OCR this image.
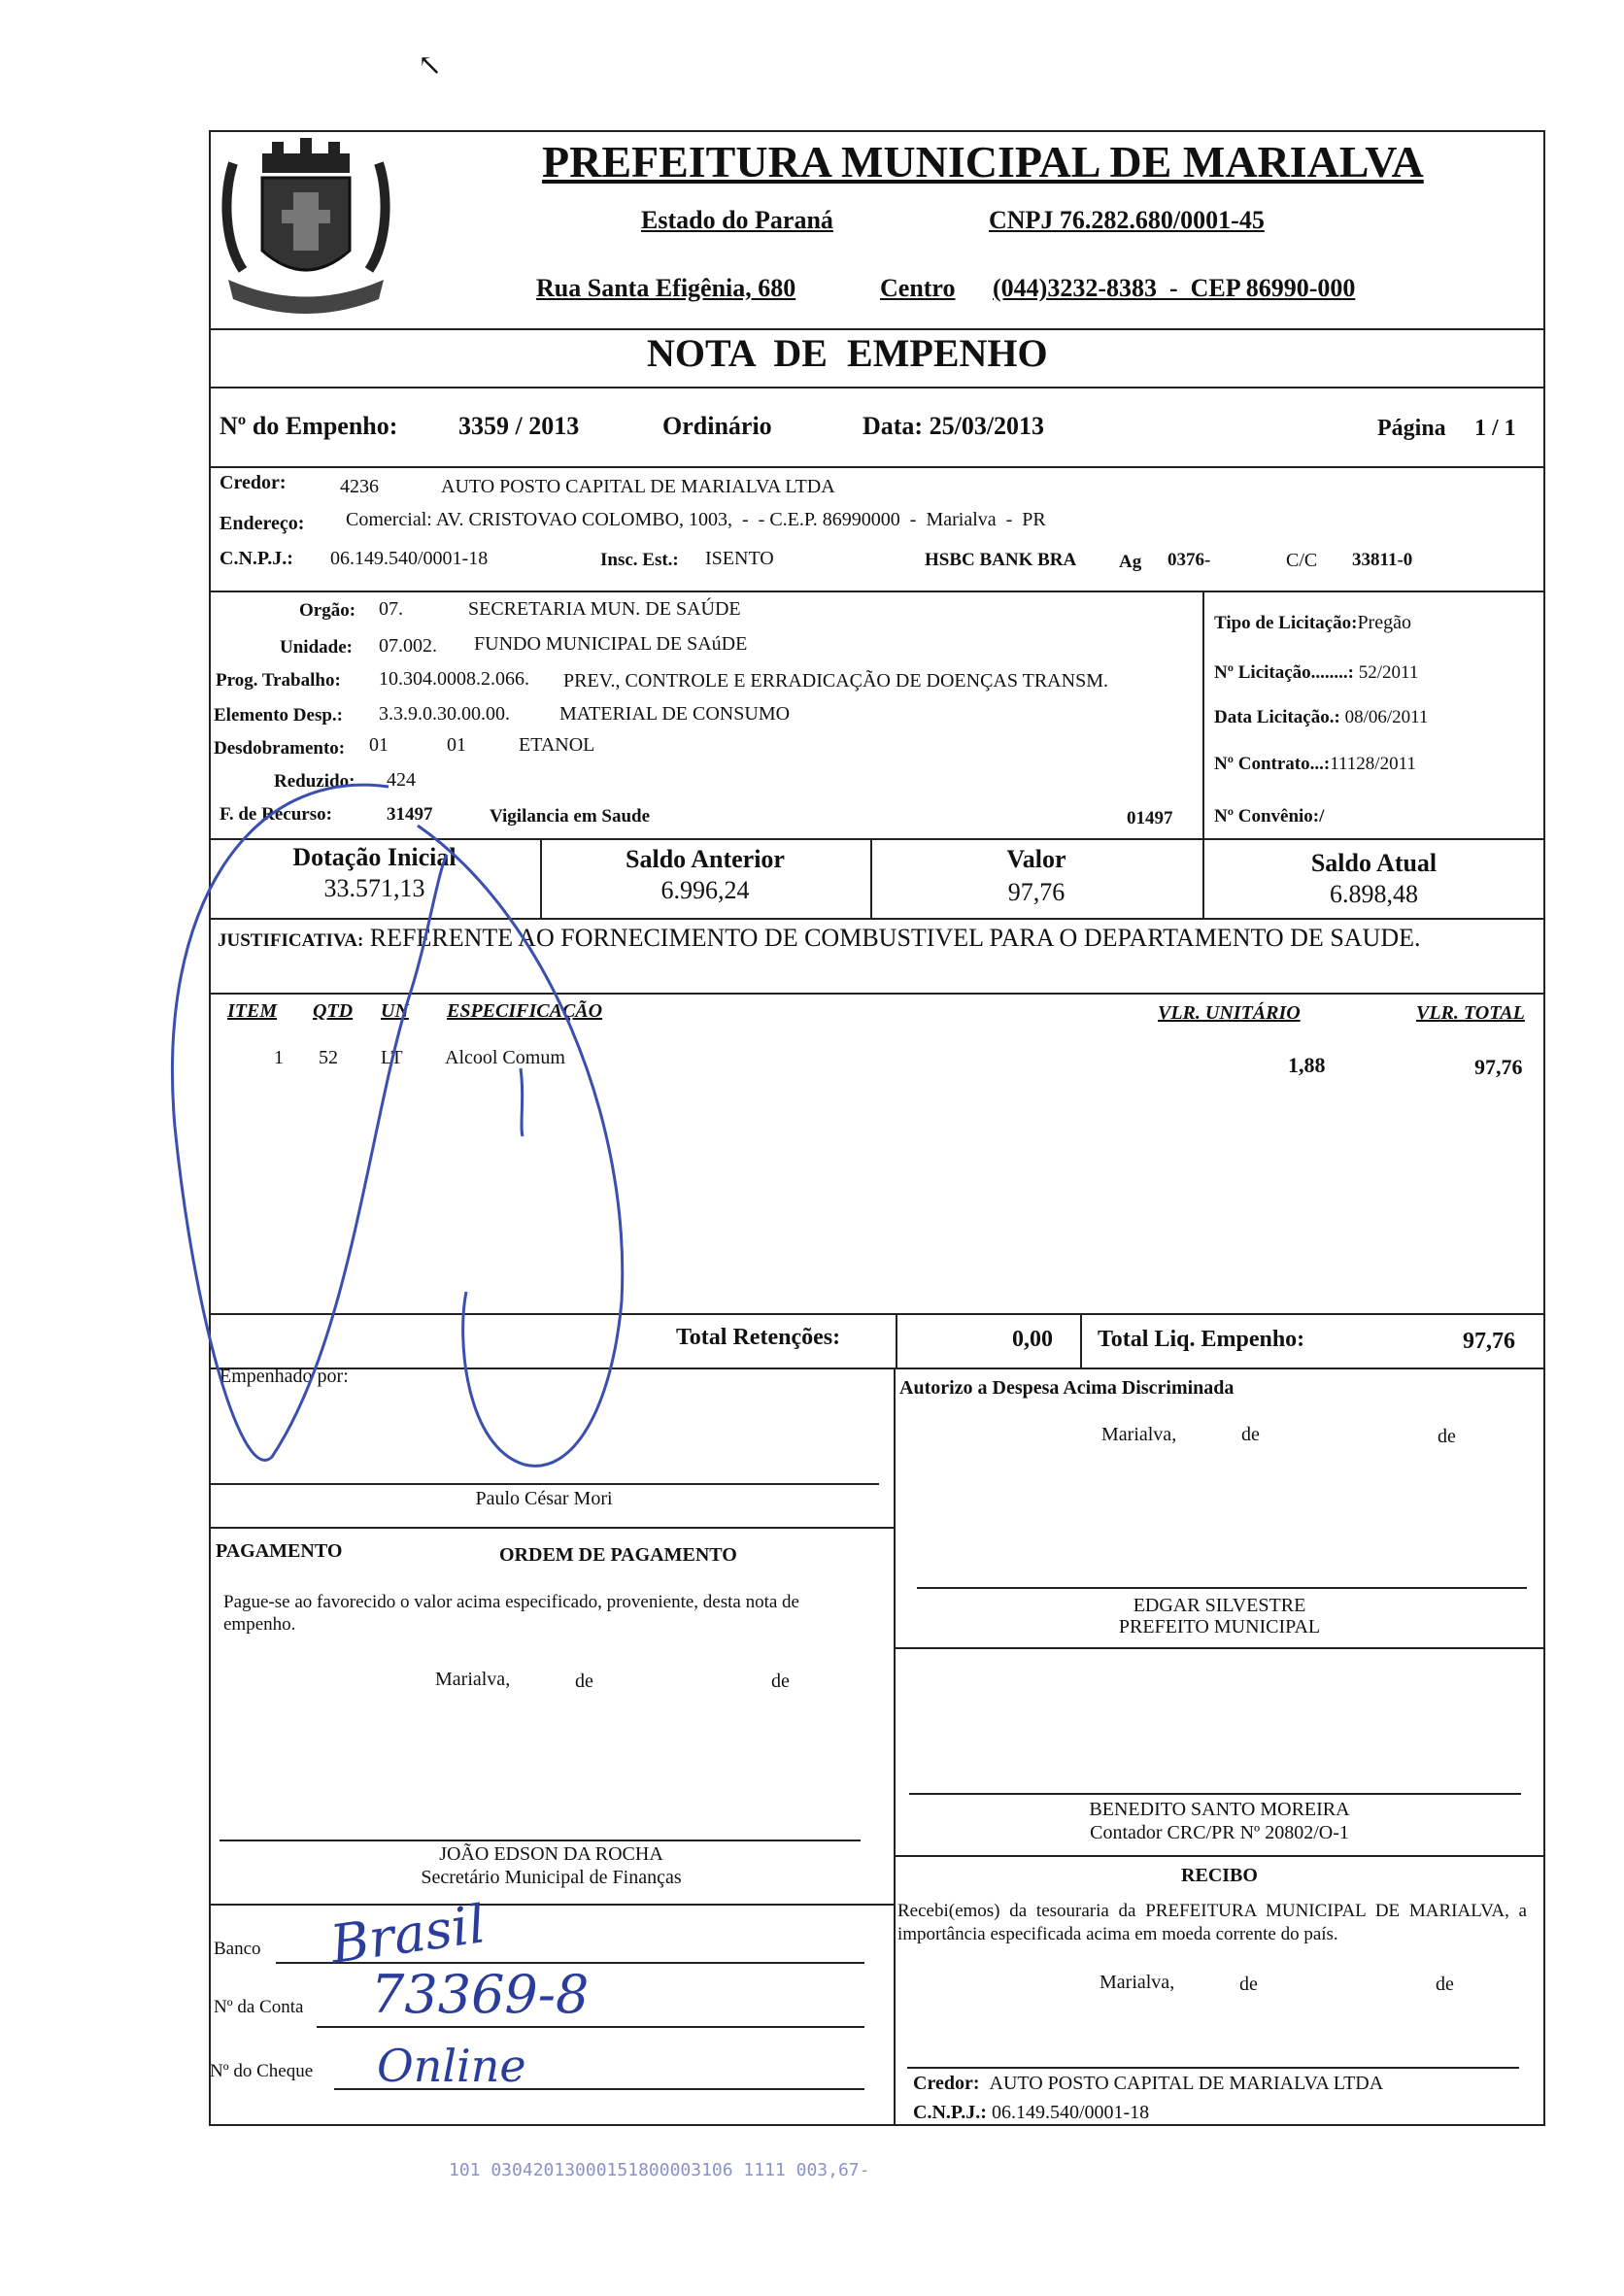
PREFEITURA MUNICIPAL DE MARIALVA
Estado do Paraná	CNPJ 76.282.680/0001-45
Rua Santa Efigênia, 680	Centro (044)3232-8383  -  CEP 86990-000
NOTA  DE  EMPENHO
Nº do Empenho: 3359 / 2013	Ordinário	Data: 25/03/2013	Página 1 / 1
Credor:	4236	AUTO POSTO CAPITAL DE MARIALVA LTDA
Endereço: Comercial: AV. CRISTOVAO COLOMBO, 1003,  -  - C.E.P. 86990000  -  Marialva  -  PR
C.N.P.J.: 06.149.540/0001-18	Insc. Est.: ISENTO	HSBC BANK BRA Ag 0376-	C/C 33811-0
Orgão: 07.	SECRETARIA MUN. DE SAÚDE
Unidade: 07.002. FUNDO MUNICIPAL DE SAúDE
Prog. Trabalho: 10.304.0008.2.066. PREV., CONTROLE E ERRADICAÇÃO DE DOENÇAS TRANSM.
Elemento Desp.: 3.3.9.0.30.00.00.	MATERIAL DE CONSUMO
Desdobramento: 01	01	ETANOL
Reduzido: 424
F. de Recurso:	31497	Vigilancia em Saude	01497
Tipo de Licitação:Pregão
Nº Licitação........: 52/2011
Data Licitação.: 08/06/2011
Nº Contrato...:11128/2011
Nº Convênio:/
Dotação Inicial
33.571,13
Saldo Anterior
6.996,24
Valor
97,76
Saldo Atual
6.898,48
JUSTIFICATIVA: REFERENTE AO FORNECIMENTO DE COMBUSTIVEL PARA O DEPARTAMENTO DE SAUDE.
ITEM QTD UN ESPECIFICAÇÃO	VLR. UNITÁRIO	VLR. TOTAL
1 52 LT Alcool Comum	1,88	97,76
Total Retenções:	0,00 Total Liq. Empenho:	97,76
Empenhado por:
Paulo César Mori
Autorizo a Despesa Acima Discriminada
Marialva,	de	de
EDGAR SILVESTRE
PREFEITO MUNICIPAL
PAGAMENTO	ORDEM DE PAGAMENTO
Pague-se ao favorecido o valor acima especificado, proveniente, desta nota de empenho.
Marialva,	de	de
JOÃO EDSON DA ROCHA
Secretário Municipal de Finanças
BENEDITO SANTO MOREIRA
Contador CRC/PR Nº 20802/O-1
RECIBO
Recebi(emos) da tesouraria da PREFEITURA MUNICIPAL DE MARIALVA, a importância especificada acima em moeda corrente do país.
Marialva,	de	de
Credor: AUTO POSTO CAPITAL DE MARIALVA LTDA
C.N.P.J.: 06.149.540/0001-18
Banco Brasil
Nº da Conta 73369-8
Nº do Cheque Online
↖
101 03042013000151800003106 1111 003,67-
